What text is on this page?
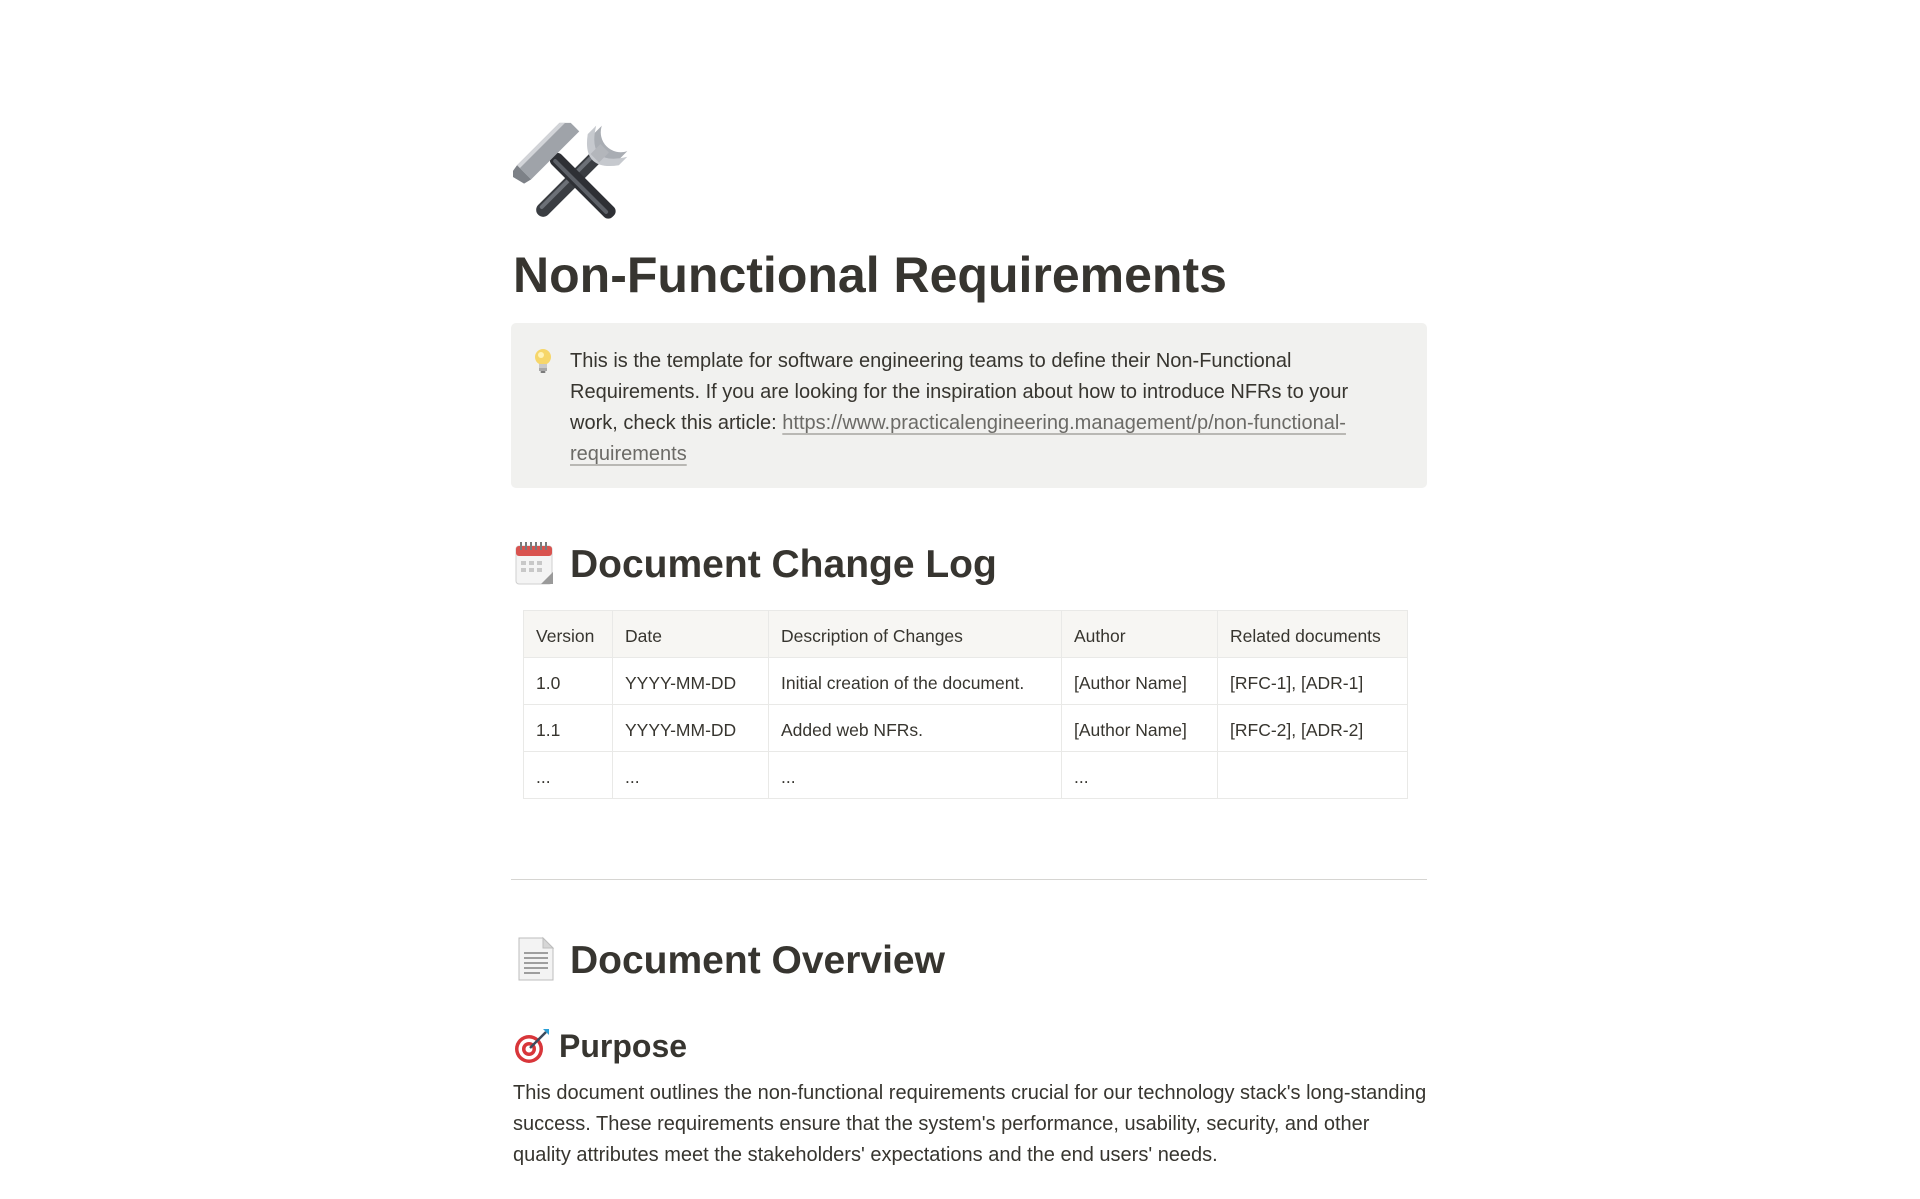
Non-Functional Requirements
This is the template for software engineering teams to define their Non-Functional Requirements. If you are looking for the inspiration about how to introduce NFRs to your work, check this article: https://www.practicalengineering.management/p/non-functional-requirements
Document Change Log
Version	Date	Description of Changes	Author	Related documents
1.0	YYYY-MM-DD	Initial creation of the document.	[Author Name]	[RFC-1], [ADR-1]
1.1	YYYY-MM-DD	Added web NFRs.	[Author Name]	[RFC-2], [ADR-2]
...	...	...	...	
Document Overview
Purpose
This document outlines the non-functional requirements crucial for our technology stack's long-standing success. These requirements ensure that the system's performance, usability, security, and other quality attributes meet the stakeholders' expectations and the end users' needs.
